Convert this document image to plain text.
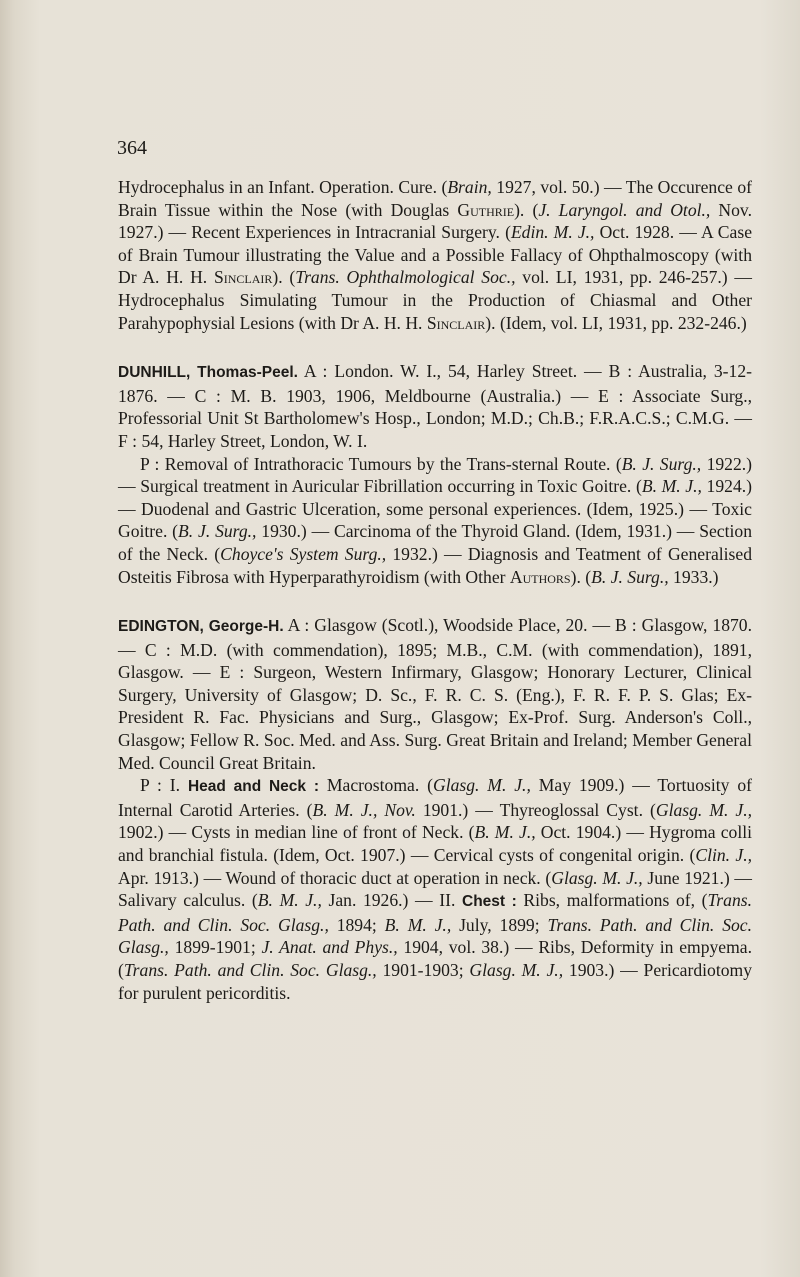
364

Hydrocephalus in an Infant. Operation. Cure. (Brain, 1927, vol. 50.) — The Occurence of Brain Tissue within the Nose (with Douglas Guthrie). (J. Laryngol. and Otol., Nov. 1927.) — Recent Experiences in Intracranial Surgery. (Edin. M. J., Oct. 1928. — A Case of Brain Tumour illustrating the Value and a Possible Fallacy of Ohpthalmoscopy (with Dr A. H. H. Sinclair). (Trans. Ophthalmological Soc., vol. LI, 1931, pp. 246-257.) — Hydrocephalus Simulating Tumour in the Production of Chiasmal and Other Parahypophysial Lesions (with Dr A. H. H. Sinclair). (Idem, vol. LI, 1931, pp. 232-246.)

DUNHILL, Thomas-Peel. A : London. W. I., 54, Harley Street. — B : Australia, 3-12-1876. — C : M. B. 1903, 1906, Meldbourne (Australia.) — E : Associate Surg., Professorial Unit St Bartholomew's Hosp., London; M.D.; Ch.B.; F.R.A.C.S.; C.M.G. — F : 54, Harley Street, London, W. I.

P : Removal of Intrathoracic Tumours by the Trans-sternal Route. (B. J. Surg., 1922.) — Surgical treatment in Auricular Fibrillation occurring in Toxic Goitre. (B. M. J., 1924.) — Duodenal and Gastric Ulceration, some personal experiences. (Idem, 1925.) — Toxic Goitre. (B. J. Surg., 1930.) — Carcinoma of the Thyroid Gland. (Idem, 1931.) — Section of the Neck. (Choyce's System Surg., 1932.) — Diagnosis and Teatment of Generalised Osteitis Fibrosa with Hyperparathyroidism (with Other Authors). (B. J. Surg., 1933.)

EDINGTON, George-H. A : Glasgow (Scotl.), Woodside Place, 20. — B : Glasgow, 1870. — C : M.D. (with commendation), 1895; M.B., C.M. (with commendation), 1891, Glasgow. — E : Surgeon, Western Infirmary, Glasgow; Honorary Lecturer, Clinical Surgery, University of Glasgow; D. Sc., F. R. C. S. (Eng.), F. R. F. P. S. Glas; Ex-President R. Fac. Physicians and Surg., Glasgow; Ex-Prof. Surg. Anderson's Coll., Glasgow; Fellow R. Soc. Med. and Ass. Surg. Great Britain and Ireland; Member General Med. Council Great Britain.

P : I. Head and Neck : Macrostoma. (Glasg. M. J., May 1909.) — Tortuosity of Internal Carotid Arteries. (B. M. J., Nov. 1901.) — Thyreoglossal Cyst. (Glasg. M. J., 1902.) — Cysts in median line of front of Neck. (B. M. J., Oct. 1904.) — Hygroma colli and branchial fistula. (Idem, Oct. 1907.) — Cervical cysts of congenital origin. (Clin. J., Apr. 1913.) — Wound of thoracic duct at operation in neck. (Glasg. M. J., June 1921.) — Salivary calculus. (B. M. J., Jan. 1926.) — II. Chest : Ribs, malformations of, (Trans. Path. and Clin. Soc. Glasg., 1894; B. M. J., July, 1899; Trans. Path. and Clin. Soc. Glasg., 1899-1901; J. Anat. and Phys., 1904, vol. 38.) — Ribs, Deformity in empyema. (Trans. Path. and Clin. Soc. Glasg., 1901-1903; Glasg. M. J., 1903.) — Pericardiotomy for purulent pericorditis.
